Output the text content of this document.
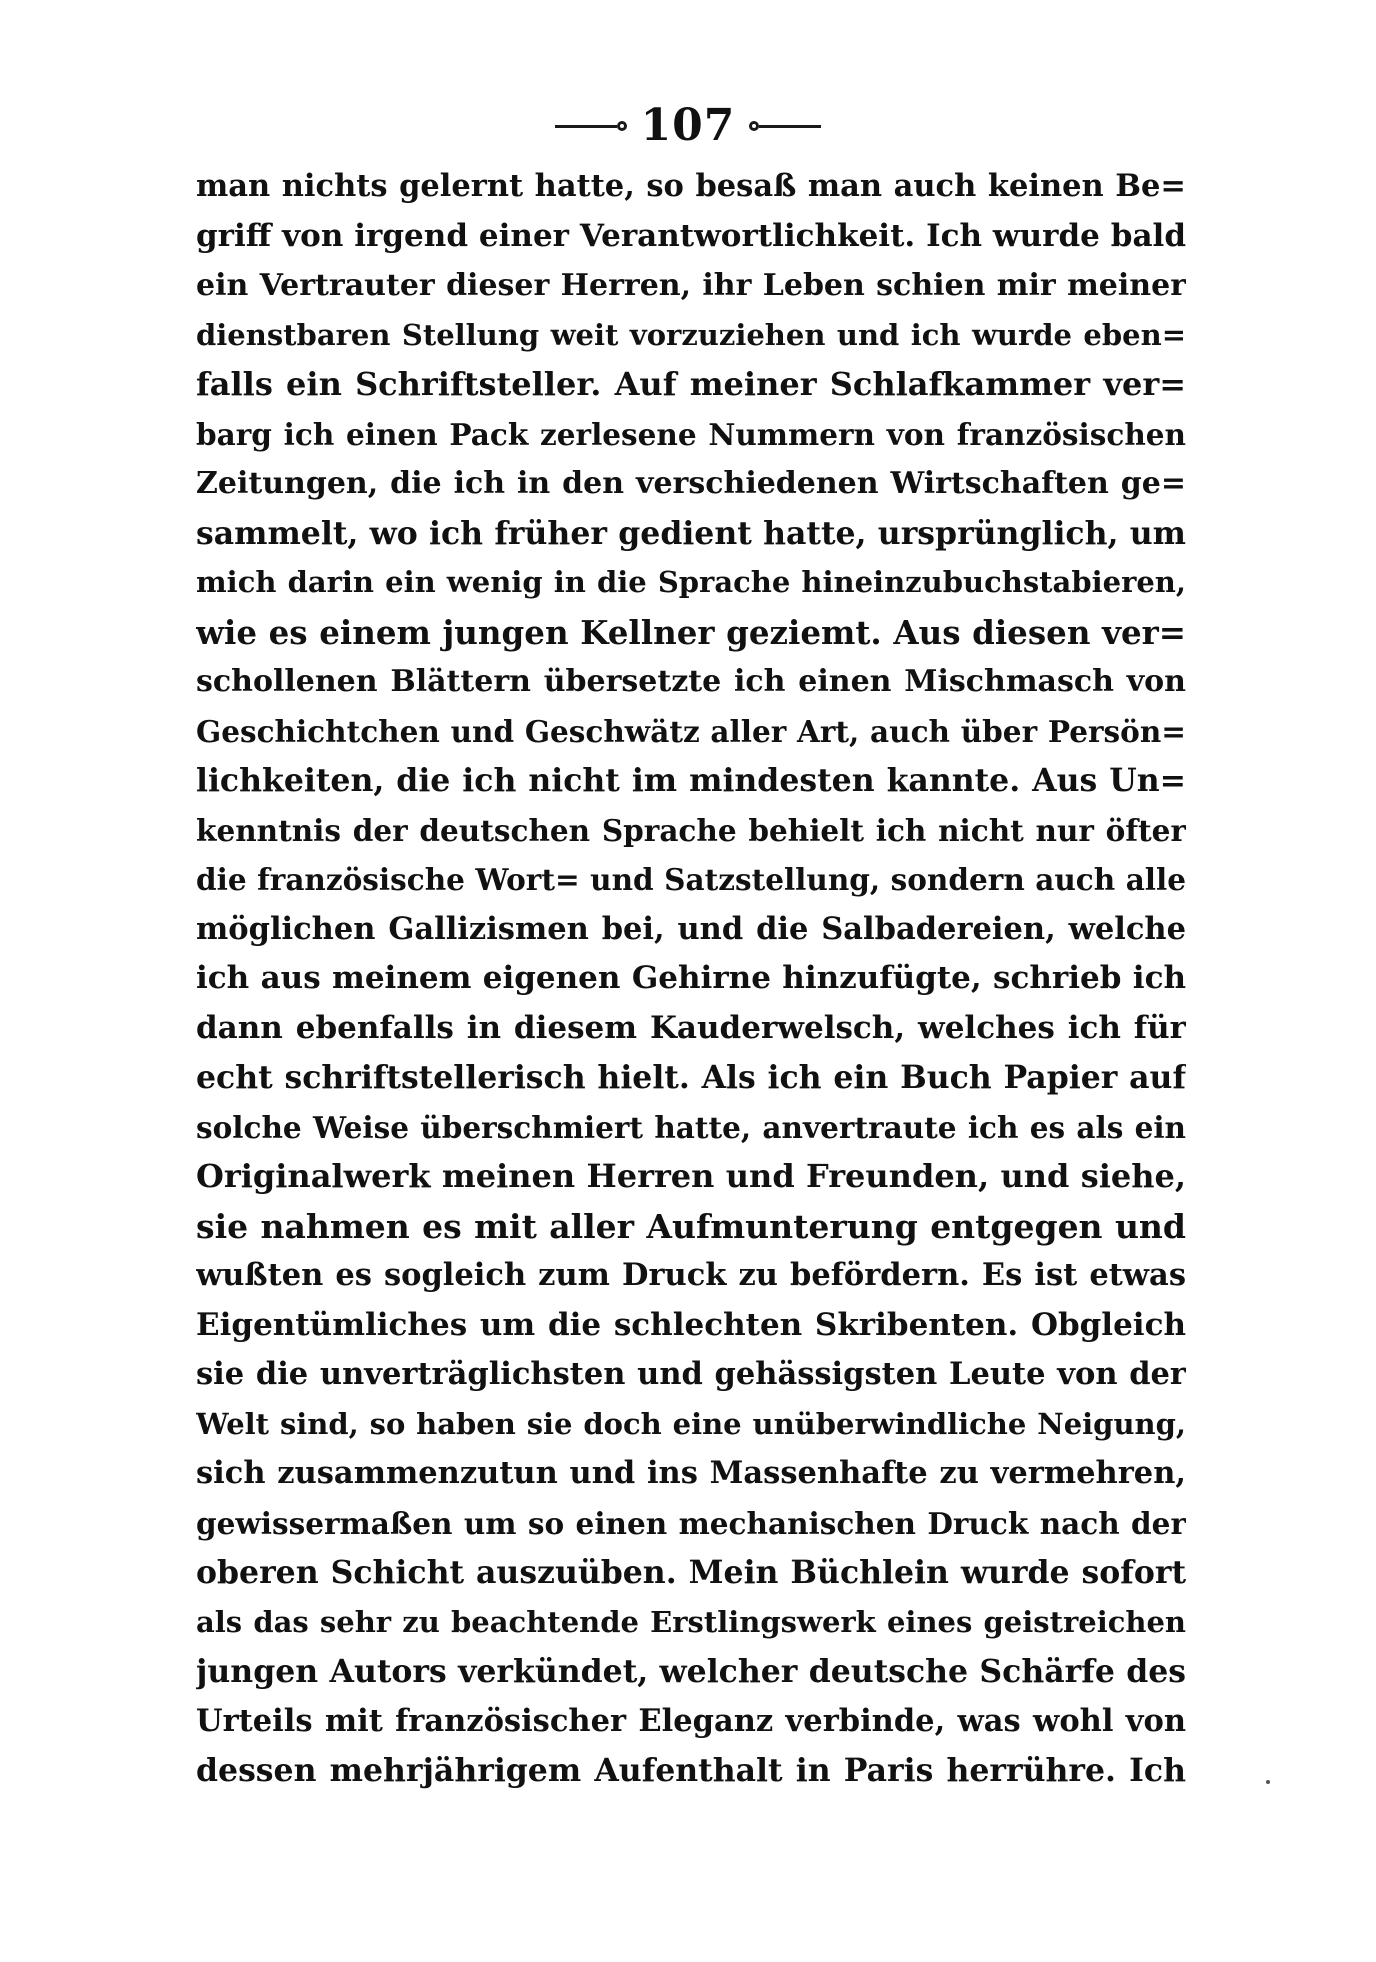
107
man nichts gelernt hatte, so besaß man auch keinen Be=
griff von irgend einer Verantwortlichkeit. Ich wurde bald
ein Vertrauter dieser Herren, ihr Leben schien mir meiner
dienstbaren Stellung weit vorzuziehen und ich wurde eben=
falls ein Schriftsteller. Auf meiner Schlafkammer ver=
barg ich einen Pack zerlesene Nummern von französischen
Zeitungen, die ich in den verschiedenen Wirtschaften ge=
sammelt, wo ich früher gedient hatte, ursprünglich, um
mich darin ein wenig in die Sprache hineinzubuchstabieren,
wie es einem jungen Kellner geziemt. Aus diesen ver=
schollenen Blättern übersetzte ich einen Mischmasch von
Geschichtchen und Geschwätz aller Art, auch über Persön=
lichkeiten, die ich nicht im mindesten kannte. Aus Un=
kenntnis der deutschen Sprache behielt ich nicht nur öfter
die französische Wort= und Satzstellung, sondern auch alle
möglichen Gallizismen bei, und die Salbadereien, welche
ich aus meinem eigenen Gehirne hinzufügte, schrieb ich
dann ebenfalls in diesem Kauderwelsch, welches ich für
echt schriftstellerisch hielt. Als ich ein Buch Papier auf
solche Weise überschmiert hatte, anvertraute ich es als ein
Originalwerk meinen Herren und Freunden, und siehe,
sie nahmen es mit aller Aufmunterung entgegen und
wußten es sogleich zum Druck zu befördern. Es ist etwas
Eigentümliches um die schlechten Skribenten. Obgleich
sie die unverträglichsten und gehässigsten Leute von der
Welt sind, so haben sie doch eine unüberwindliche Neigung,
sich zusammenzutun und ins Massenhafte zu vermehren,
gewissermaßen um so einen mechanischen Druck nach der
oberen Schicht auszuüben. Mein Büchlein wurde sofort
als das sehr zu beachtende Erstlingswerk eines geistreichen
jungen Autors verkündet, welcher deutsche Schärfe des
Urteils mit französischer Eleganz verbinde, was wohl von
dessen mehrjährigem Aufenthalt in Paris herrühre. Ich
